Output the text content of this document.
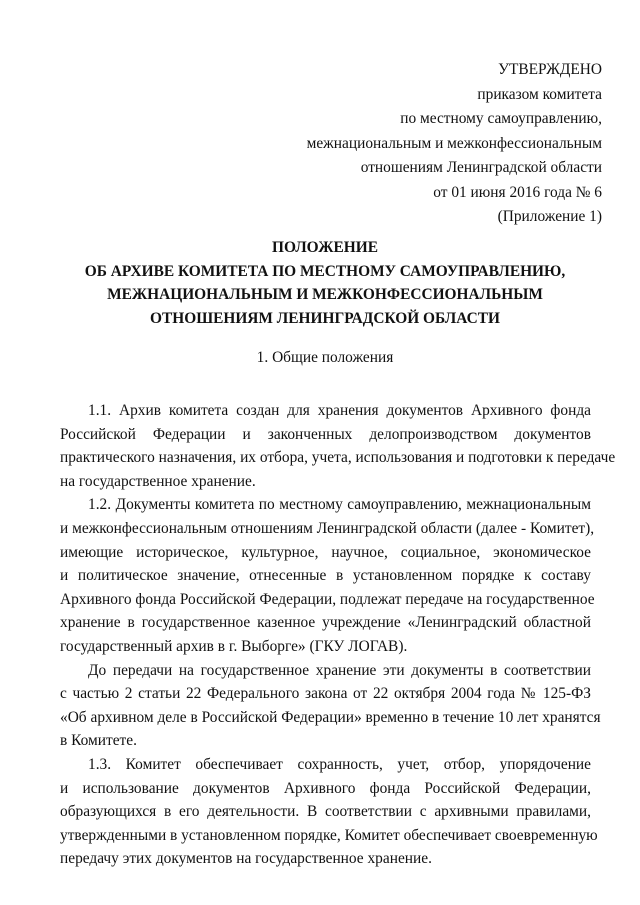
УТВЕРЖДЕНО
приказом комитета
по местному самоуправлению,
межнациональным и межконфессиональным
отношениям Ленинградской области
от 01 июня 2016 года № 6
(Приложение 1)
ПОЛОЖЕНИЕ
ОБ АРХИВЕ КОМИТЕТА ПО МЕСТНОМУ САМОУПРАВЛЕНИЮ,
МЕЖНАЦИОНАЛЬНЫМ И МЕЖКОНФЕССИОНАЛЬНЫМ
ОТНОШЕНИЯМ ЛЕНИНГРАДСКОЙ ОБЛАСТИ
1. Общие положения
1.1. Архив комитета создан для хранения документов Архивного фонда
Российской Федерации и законченных делопроизводством документов
практического назначения, их отбора, учета, использования и подготовки к передаче
на государственное хранение.
1.2. Документы комитета по местному самоуправлению, межнациональным
и межконфессиональным отношениям Ленинградской области (далее - Комитет),
имеющие историческое, культурное, научное, социальное, экономическое
и политическое значение, отнесенные в установленном порядке к составу
Архивного фонда Российской Федерации, подлежат передаче на государственное
хранение в государственное казенное учреждение «Ленинградский областной
государственный архив в г. Выборге» (ГКУ ЛОГАВ).
До передачи на государственное хранение эти документы в соответствии
с частью 2 статьи 22 Федерального закона от 22 октября 2004 года № 125-ФЗ
«Об архивном деле в Российской Федерации» временно в течение 10 лет хранятся
в Комитете.
1.3. Комитет обеспечивает сохранность, учет, отбор, упорядочение
и использование документов Архивного фонда Российской Федерации,
образующихся в его деятельности. В соответствии с архивными правилами,
утвержденными в установленном порядке, Комитет обеспечивает своевременную
передачу этих документов на государственное хранение.
